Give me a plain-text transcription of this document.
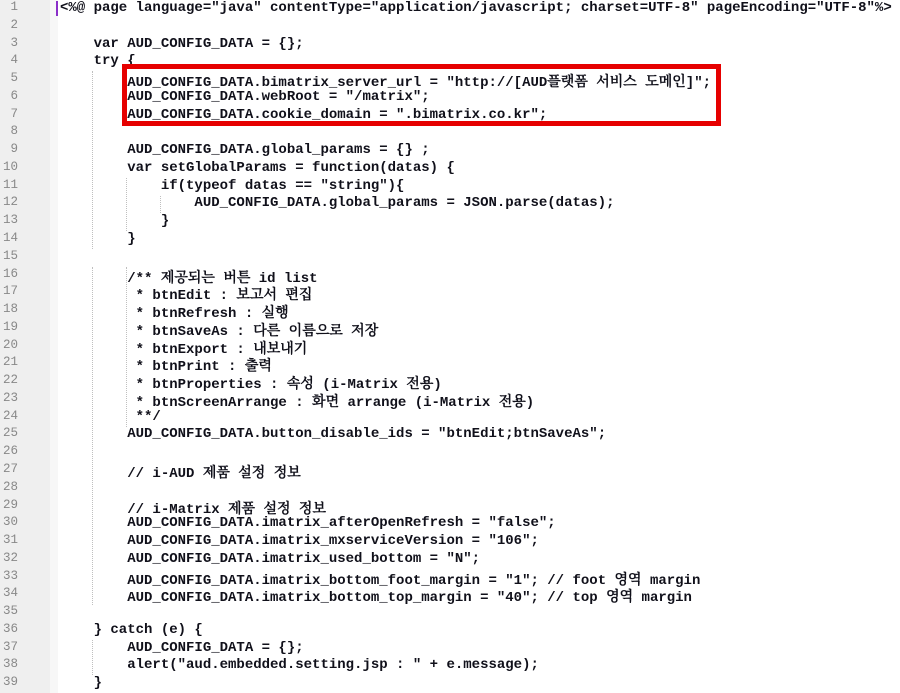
1
2
3
4
5
6
7
8
9
10
11
12
13
14
15
16
17
18
19
20
21
22
23
24
25
26
27
28
29
30
31
32
33
34
35
36
37
38
39
<%@ page language="java" contentType="application/javascript; charset=UTF-8" pageEncoding="UTF-8"%>
var AUD_CONFIG_DATA = {};
try {
AUD_CONFIG_DATA.bimatrix_server_url = "http://[AUD플랫폼 서비스 도메인]";
AUD_CONFIG_DATA.webRoot = "/matrix";
AUD_CONFIG_DATA.cookie_domain = ".bimatrix.co.kr";
AUD_CONFIG_DATA.global_params = {} ;
var setGlobalParams = function(datas) {
if(typeof datas == "string"){
AUD_CONFIG_DATA.global_params = JSON.parse(datas);
}
}
/** 제공되는 버튼 id list
* btnEdit : 보고서 편집
* btnRefresh : 실행
* btnSaveAs : 다른 이름으로 저장
* btnExport : 내보내기
* btnPrint : 출력
* btnProperties : 속성 (i-Matrix 전용)
* btnScreenArrange : 화면 arrange (i-Matrix 전용)
**/
AUD_CONFIG_DATA.button_disable_ids = "btnEdit;btnSaveAs";
// i-AUD 제품 설정 정보
// i-Matrix 제품 설정 정보
AUD_CONFIG_DATA.imatrix_afterOpenRefresh = "false";
AUD_CONFIG_DATA.imatrix_mxserviceVersion = "106";
AUD_CONFIG_DATA.imatrix_used_bottom = "N";
AUD_CONFIG_DATA.imatrix_bottom_foot_margin = "1"; // foot 영역 margin
AUD_CONFIG_DATA.imatrix_bottom_top_margin = "40"; // top 영역 margin
} catch (e) {
AUD_CONFIG_DATA = {};
alert("aud.embedded.setting.jsp : " + e.message);
}
